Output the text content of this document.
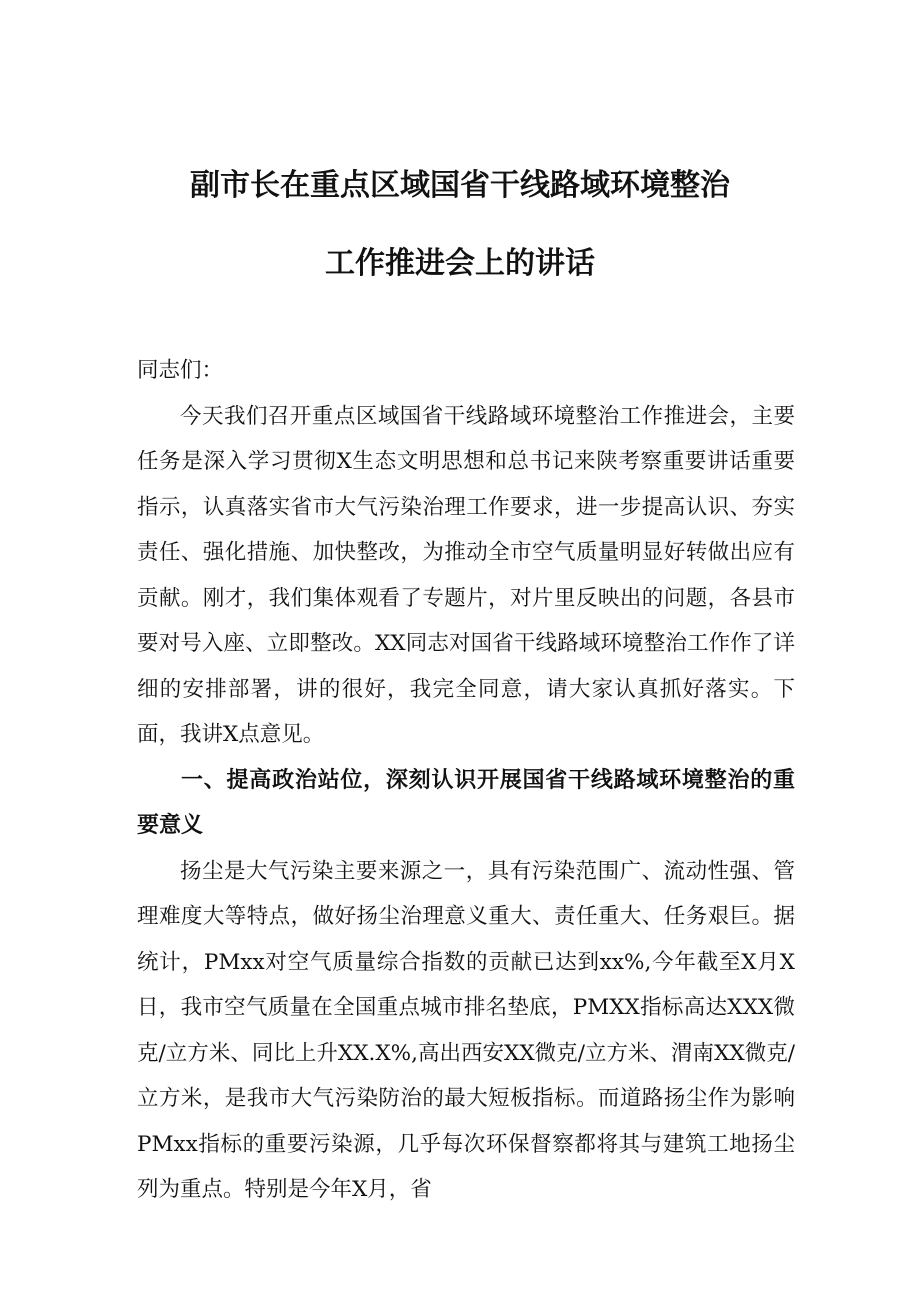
副市长在重点区域国省干线路域环境整治
工作推进会上的讲话

同志们：

今天我们召开重点区域国省干线路域环境整治工作推进会，主要任务是深入学习贯彻X生态文明思想和总书记来陕考察重要讲话重要指示，认真落实省市大气污染治理工作要求，进一步提高认识、夯实责任、强化措施、加快整改，为推动全市空气质量明显好转做出应有贡献。刚才，我们集体观看了专题片，对片里反映出的问题，各县市要对号入座、立即整改。XX同志对国省干线路域环境整治工作作了详细的安排部署，讲的很好，我完全同意，请大家认真抓好落实。下面，我讲X点意见。

一、提高政治站位，深刻认识开展国省干线路域环境整治的重要意义

扬尘是大气污染主要来源之一，具有污染范围广、流动性强、管理难度大等特点，做好扬尘治理意义重大、责任重大、任务艰巨。据统计，PMxx对空气质量综合指数的贡献已达到xx%,今年截至X月X日，我市空气质量在全国重点城市排名垫底，PMXX指标高达XXX微克/立方米、同比上升XX.X%,高出西安XX微克/立方米、渭南XX微克/立方米，是我市大气污染防治的最大短板指标。而道路扬尘作为影响PMxx指标的重要污染源，几乎每次环保督察都将其与建筑工地扬尘列为重点。特别是今年X月，省
